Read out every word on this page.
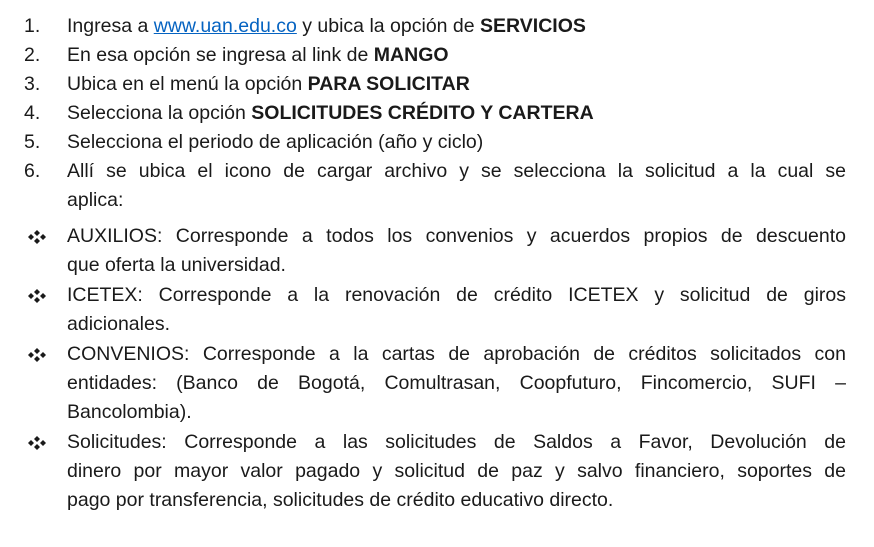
1.	Ingresa a www.uan.edu.co y ubica la opción de SERVICIOS
2.	En esa opción se ingresa al link de MANGO
3.	Ubica en el menú la opción PARA SOLICITAR
4.	Selecciona la opción SOLICITUDES CRÉDITO Y CARTERA
5.	Selecciona el periodo de aplicación (año y ciclo)
6.	Allí se ubica el icono de cargar archivo y se selecciona la solicitud a la cual se
aplica:
AUXILIOS: Corresponde a todos los convenios y acuerdos propios de descuento
que oferta la universidad.
ICETEX: Corresponde a la renovación de crédito ICETEX y solicitud de giros
adicionales.
CONVENIOS: Corresponde a la cartas de aprobación de créditos solicitados con
entidades: (Banco de Bogotá, Comultrasan, Coopfuturo, Fincomercio, SUFI –
Bancolombia).
Solicitudes: Corresponde a las solicitudes de Saldos a Favor, Devolución de
dinero por mayor valor pagado y solicitud de paz y salvo financiero, soportes de
pago por transferencia, solicitudes de crédito educativo directo.
